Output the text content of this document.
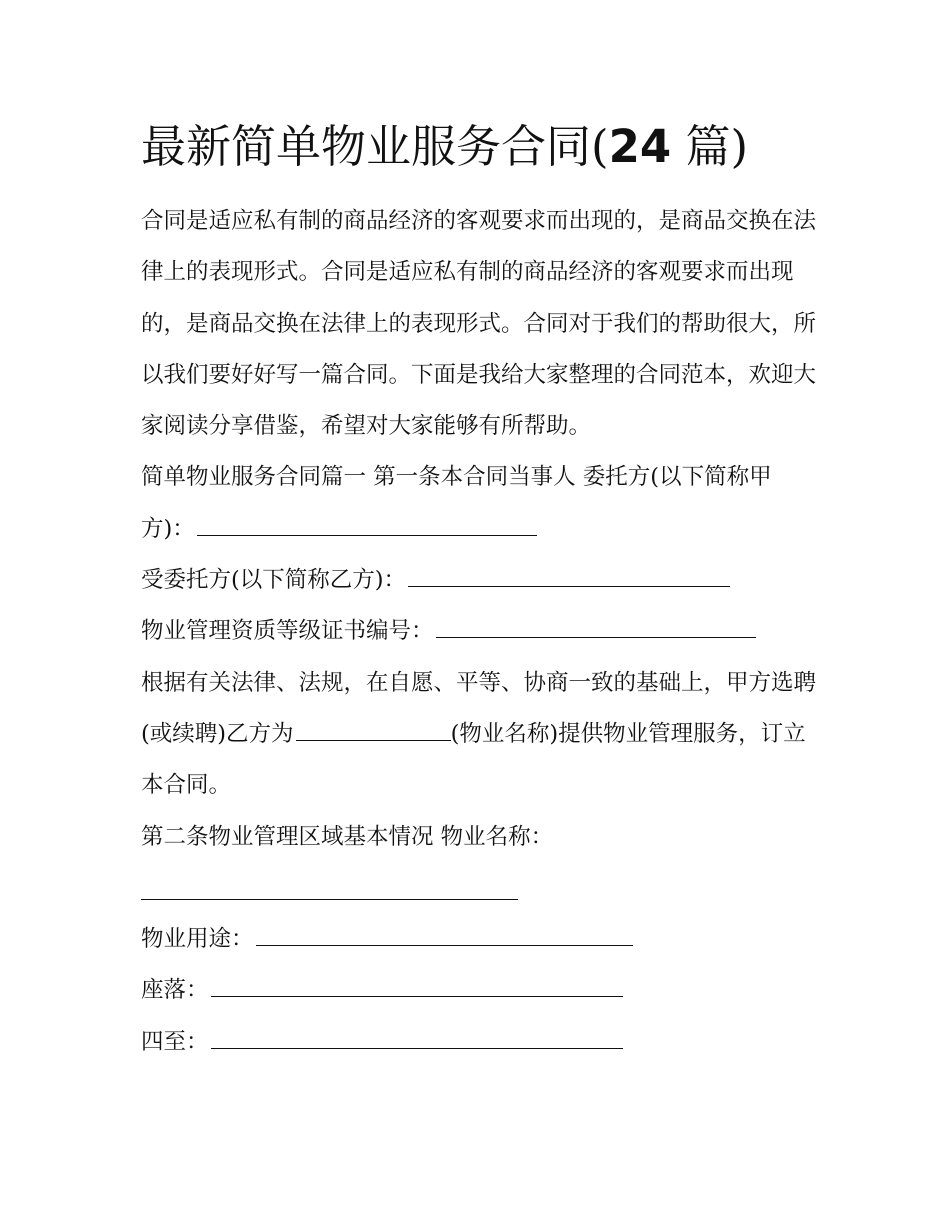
最新简单物业服务合同(24 篇)

合同是适应私有制的商品经济的客观要求而出现的，是商品交换在法律上的表现形式。合同是适应私有制的商品经济的客观要求而出现的，是商品交换在法律上的表现形式。合同对于我们的帮助很大，所以我们要好好写一篇合同。下面是我给大家整理的合同范本，欢迎大家阅读分享借鉴，希望对大家能够有所帮助。

简单物业服务合同篇一 第一条本合同当事人 委托方(以下简称甲方)：

受委托方(以下简称乙方)：

物业管理资质等级证书编号：

根据有关法律、法规，在自愿、平等、协商一致的基础上，甲方选聘(或续聘)乙方为	(物业名称)提供物业管理服务，订立本合同。

第二条物业管理区域基本情况 物业名称：

物业用途：

座落：

四至：
